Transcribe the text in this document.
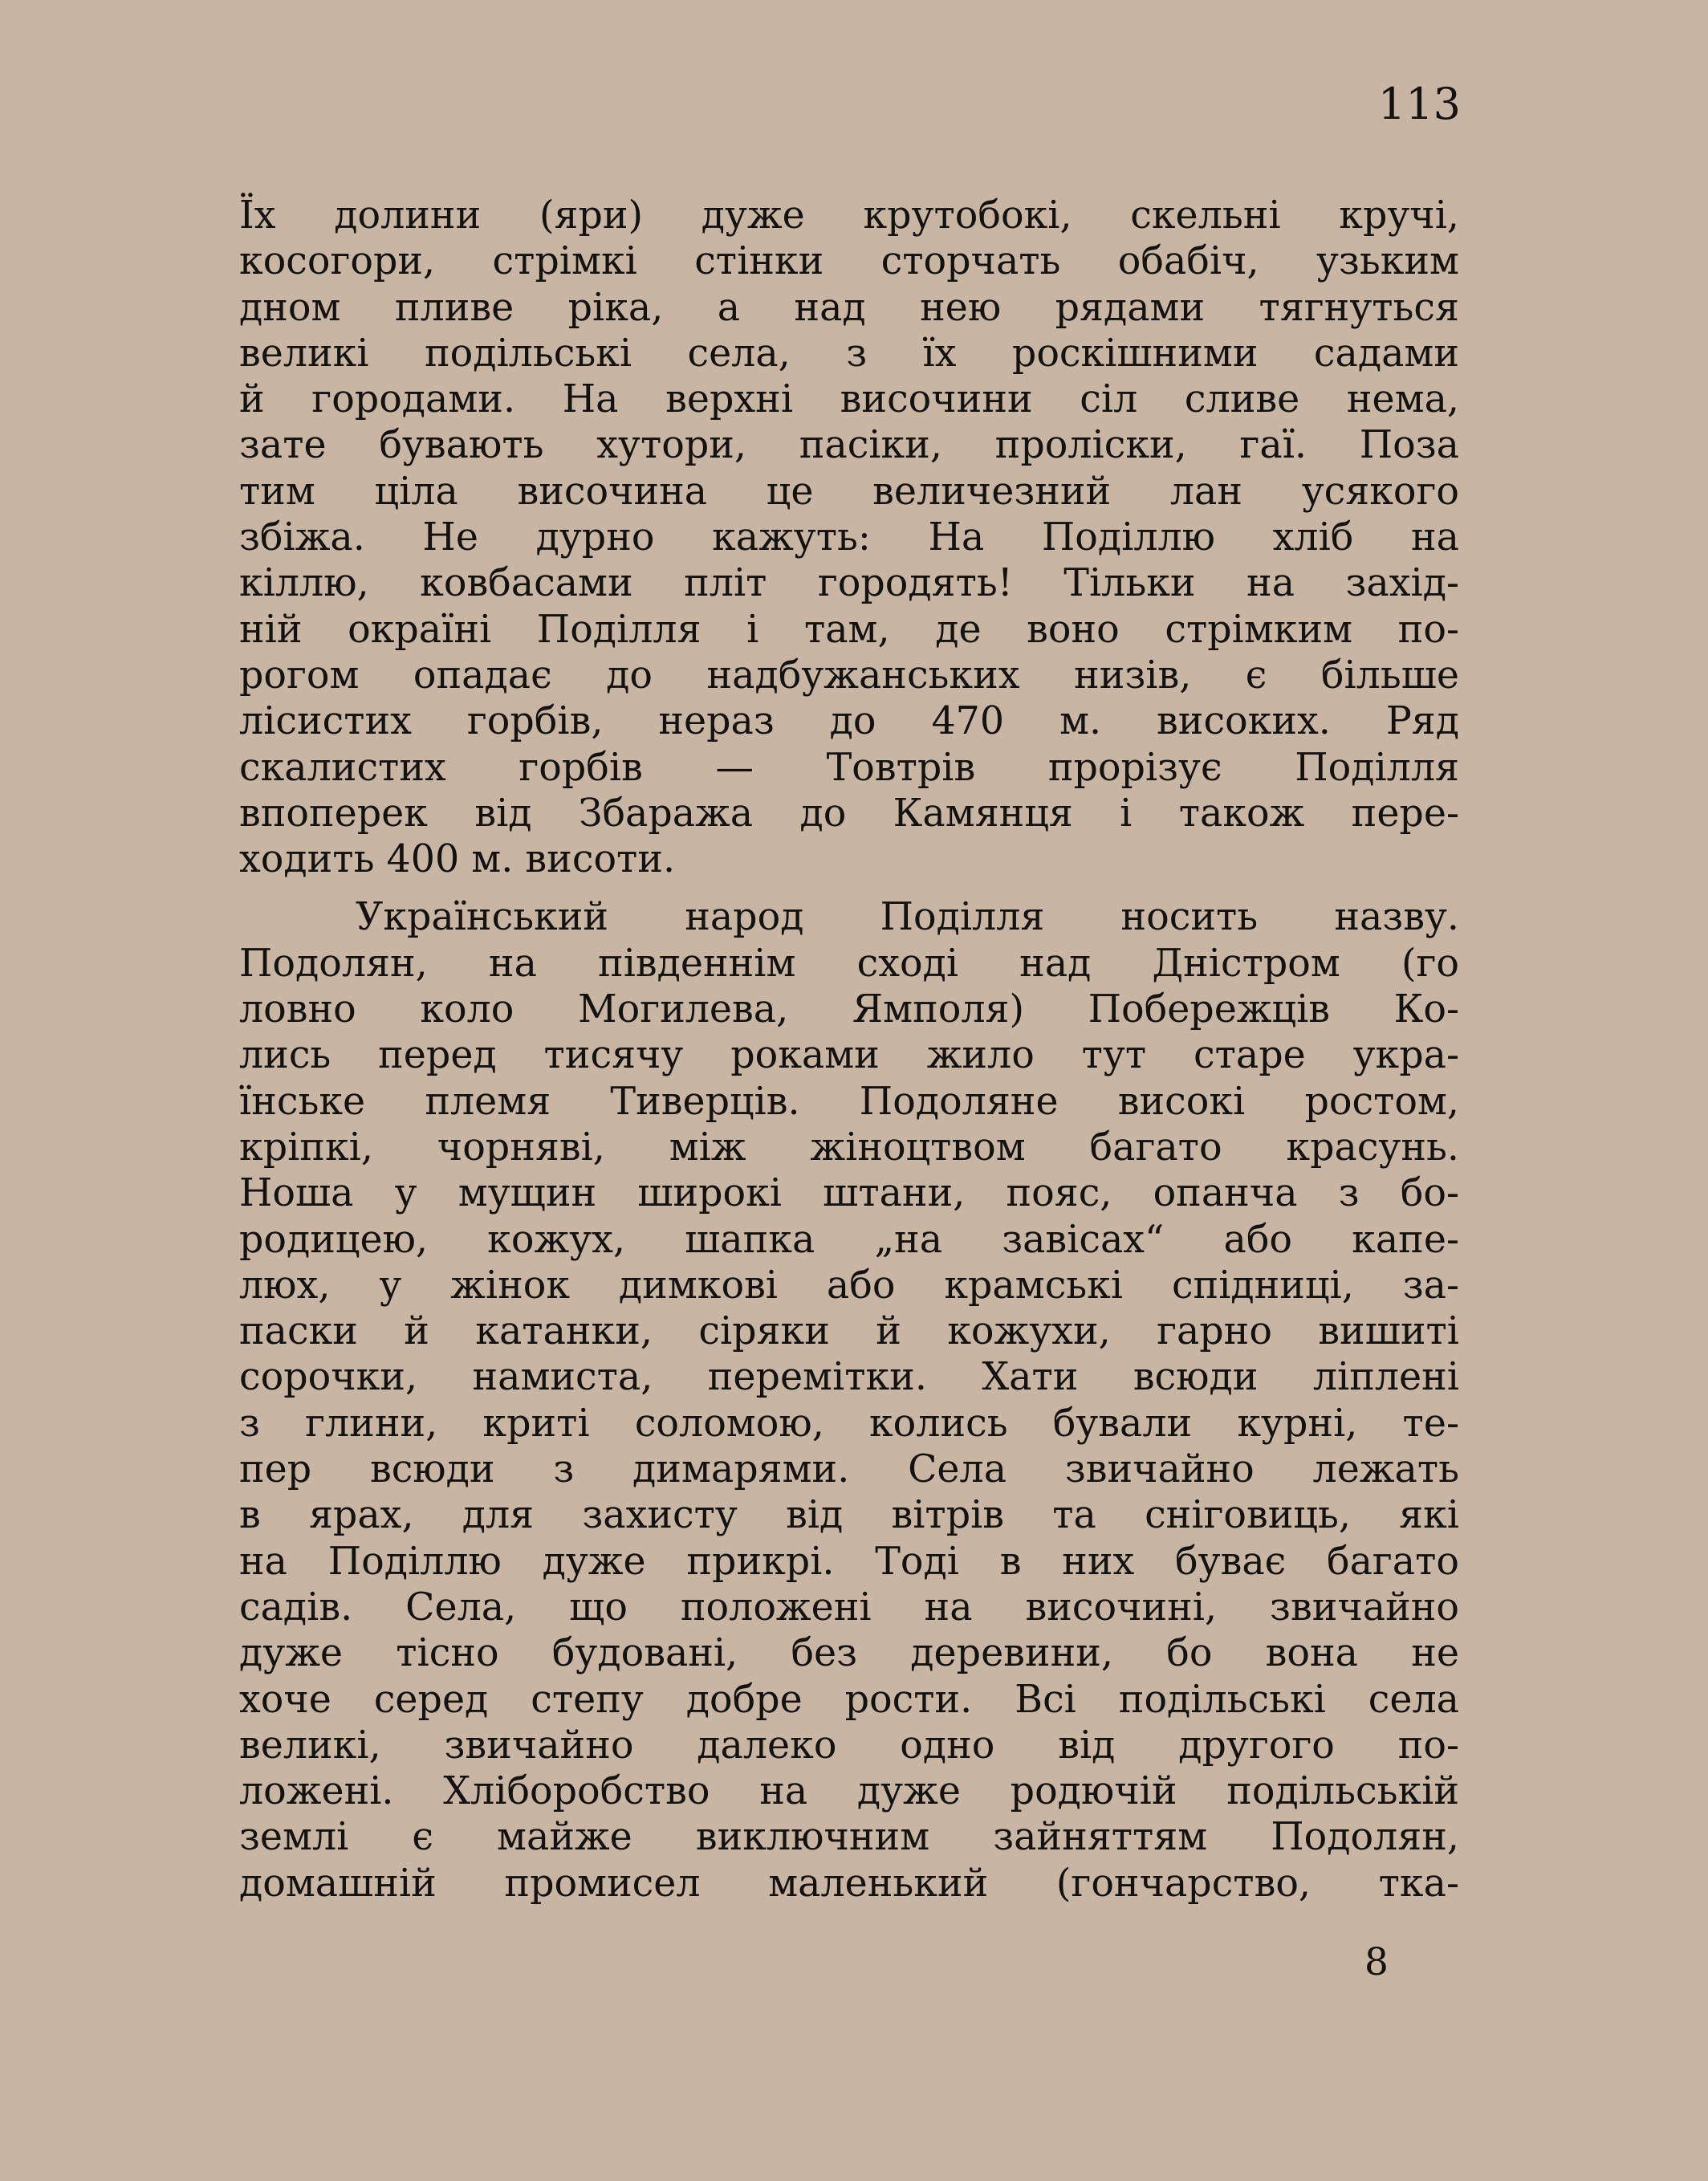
113
Їх долини (яри) дуже крутобокі, скельні кручі,
косогори, стрімкі стінки сторчать обабіч, узьким
дном пливе ріка, а над нею рядами тягнуться
великі подільські села, з їх роскішними садами
й городами. На верхні височини сіл сливе нема,
зате бувають хутори, пасіки, проліски, гаї. Поза
тим ціла височина це величезний лан усякого
збіжа. Не дурно кажуть: На Поділлю хліб на
кіллю, ковбасами пліт городять! Тільки на захід-
ній окраїні Поділля і там, де воно стрімким по-
рогом опадає до надбужанських низів, є більше
лісистих горбів, нераз до 470 м. високих. Ряд
скалистих горбів — Товтрів прорізує Поділля
впоперек від Збаража до Камянця і також пере-
ходить 400 м. висоти.
Український народ Поділля носить назву.
Подолян, на південнім сході над Дністром (го
ловно коло Могилева, Ямполя) Побережців Ко-
лись перед тисячу роками жило тут старе укра-
їнське племя Тиверців. Подоляне високі ростом,
кріпкі, чорняві, між жіноцтвом багато красунь.
Ноша у мущин широкі штани, пояс, опанча з бо-
родицею, кожух, шапка „на завісах“ або капе-
люх, у жінок димкові або крамські спідниці, за-
паски й катанки, сіряки й кожухи, гарно вишиті
сорочки, намиста, перемітки. Хати всюди ліплені
з глини, криті соломою, колись бували курні, те-
пер всюди з димарями. Села звичайно лежать
в ярах, для захисту від вітрів та сніговиць, які
на Поділлю дуже прикрі. Тоді в них буває багато
садів. Села, що положені на височині, звичайно
дуже тісно будовані, без деревини, бо вона не
хоче серед степу добре рости. Всі подільські села
великі, звичайно далеко одно від другого по-
ложені. Хліборобство на дуже родючій подільській
землі є майже виключним зайняттям Подолян,
домашній промисел маленький (гончарство, тка-
8
